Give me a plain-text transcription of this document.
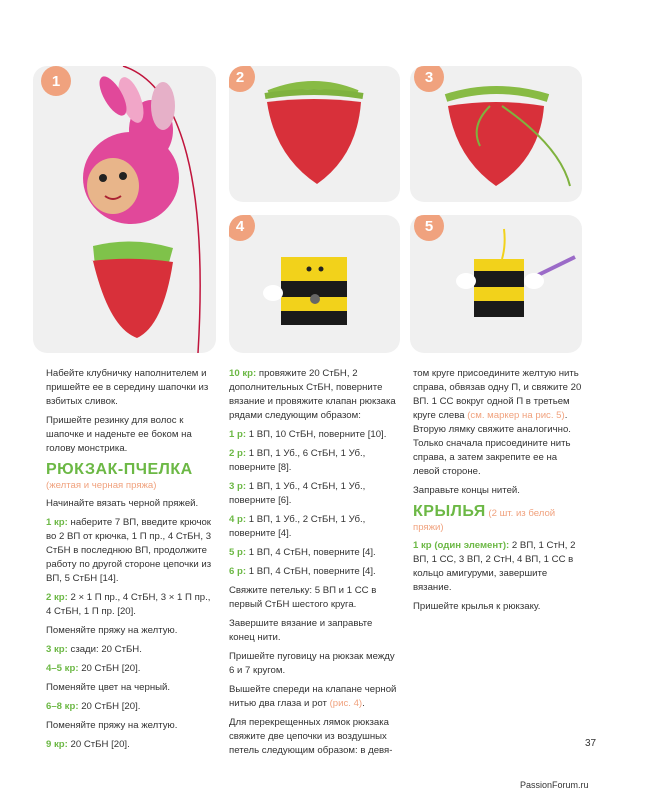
1	2	3
4	5

Набейте клубничку наполнителем и пришейте ее в середину шапочки из взбитых сливок.

Пришейте резинку для волос к шапочке и наденьте ее боком на голову монстрика.

РЮКЗАК-ПЧЕЛКА
(желтая и черная пряжа)

Начинайте вязать черной пряжей.

1 кр: наберите 7 ВП, введите крючок во 2 ВП от крючка, 1 П пр., 4 СтБН, 3 СтБН в последнюю ВП, продолжите работу по другой стороне цепочки из ВП, 5 СтБН [14].

2 кр: 2 × 1 П пр., 4 СтБН, 3 × 1 П пр., 4 СтБН, 1 П пр. [20].

Поменяйте пряжу на желтую.

3 кр: сзади: 20 СтБН.

4–5 кр: 20 СтБН [20].

Поменяйте цвет на черный.

6–8 кр: 20 СтБН [20].

Поменяйте пряжу на желтую.

9 кр: 20 СтБН [20].

10 кр: провяжите 20 СтБН, 2 дополнительных СтБН, поверните вязание и провяжите клапан рюкзака рядами следующим образом:

1 р: 1 ВП, 10 СтБН, поверните [10].

2 р: 1 ВП, 1 Уб., 6 СтБН, 1 Уб., поверните [8].

3 р: 1 ВП, 1 Уб., 4 СтБН, 1 Уб., поверните [6].

4 р: 1 ВП, 1 Уб., 2 СтБН, 1 Уб., поверните [4].

5 р: 1 ВП, 4 СтБН, поверните [4].

6 р: 1 ВП, 4 СтБН, поверните [4].

Свяжите петельку: 5 ВП и 1 СС в первый СтБН шестого круга.

Завершите вязание и заправьте конец нити.

Пришейте пуговицу на рюкзак между 6 и 7 кругом.

Вышейте спереди на клапане черной нитью два глаза и рот (рис. 4).

Для перекрещенных лямок рюкзака свяжите две цепочки из воздушных петель следующим образом: в девя-

том круге присоедините желтую нить справа, обвязав одну П, и свяжите 20 ВП. 1 СС вокруг одной П в третьем круге слева (см. маркер на рис. 5). Вторую лямку свяжите аналогично. Только сначала присоедините нить справа, а затем закрепите ее на левой стороне.

Заправьте концы нитей.

КРЫЛЬЯ (2 шт. из белой пряжи)

1 кр (один элемент): 2 ВП, 1 СтН, 2 ВП, 1 СС, 3 ВП, 2 СтН, 4 ВП, 1 СС в кольцо амигуруми, завершите вязание.

Пришейте крылья к рюкзаку.

37
PassionForum.ru
